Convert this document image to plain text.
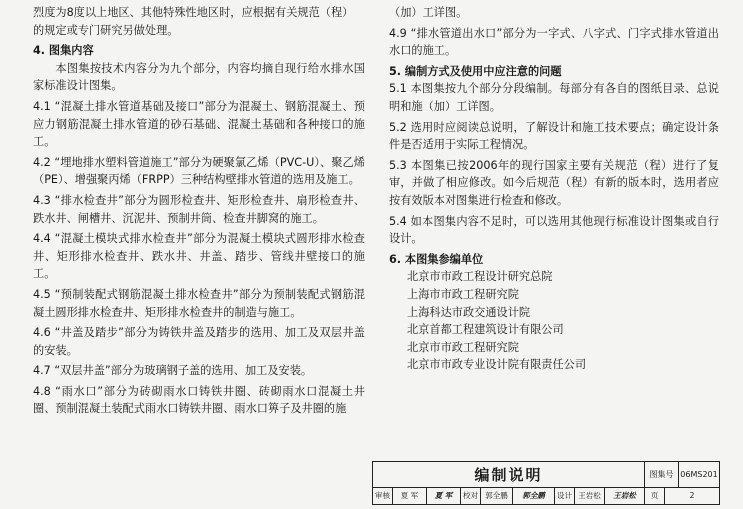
烈度为8度以上地区、其他特殊性地区时，应根据有关规范（程）

的规定或专门研究另做处理。

4. 图集内容

本图集按技术内容分为九个部分，内容均摘自现行给水排水国家标准设计图集。

4.1 “混凝土排水管道基础及接口”部分为混凝土、钢筋混凝土、预应力钢筋混凝土排水管道的砂石基础、混凝土基础和各种接口的施工。

4.2 “埋地排水塑料管道施工”部分为硬聚氯乙烯（PVC-U）、聚乙烯（PE）、增强聚丙烯（FRPP）三种结构壁排水管道的选用及施工。

4.3 “排水检查井”部分为圆形检查井、矩形检查井、扇形检查井、跌水井、闸槽井、沉泥井、预制井筒、检查井脚窝的施工。

4.4 “混凝土模块式排水检查井”部分为混凝土模块式圆形排水检查井、矩形排水检查井、跌水井、井盖、踏步、管线井壁接口的施工。

4.5 “预制装配式钢筋混凝土排水检查井”部分为预制装配式钢筋混凝土圆形排水检查井、矩形排水检查井的制造与施工。

4.6 “井盖及踏步”部分为铸铁井盖及踏步的选用、加工及双层井盖的安装。

4.7 “双层井盖”部分为玻璃钢子盖的选用、加工及安装。

4.8 “雨水口”部分为砖砌雨水口铸铁井圈、砖砌雨水口混凝土井圈、预制混凝土装配式雨水口铸铁井圈、雨水口箅子及井圈的施

（加）工详图。

4.9 “排水管道出水口”部分为一字式、八字式、门字式排水管道出水口的施工。

5. 编制方式及使用中应注意的问题

5.1 本图集按九个部分分段编制。每部分有各自的图纸目录、总说明和施（加）工详图。

5.2 选用时应阅读总说明，了解设计和施工技术要点；确定设计条件是否适用于实际工程情况。

5.3 本图集已按2006年的现行国家主要有关规范（程）进行了复审，并做了相应修改。如今后规范（程）有新的版本时，选用者应按有效版本对图集进行检查和修改。

5.4 如本图集内容不足时，可以选用其他现行标准设计图集或自行设计。

6. 本图集参编单位

北京市市政工程设计研究总院

上海市市政工程研究院

上海科达市政交通设计院

北京首都工程建筑设计有限公司

北京市市政工程研究院

北京市市政专业设计院有限责任公司

编制说明	图集号 06MS201
审核	夏 军	夏 军	校对 郭全鹏	郭全鹏	设计 王岩松	王岩松	页	2
